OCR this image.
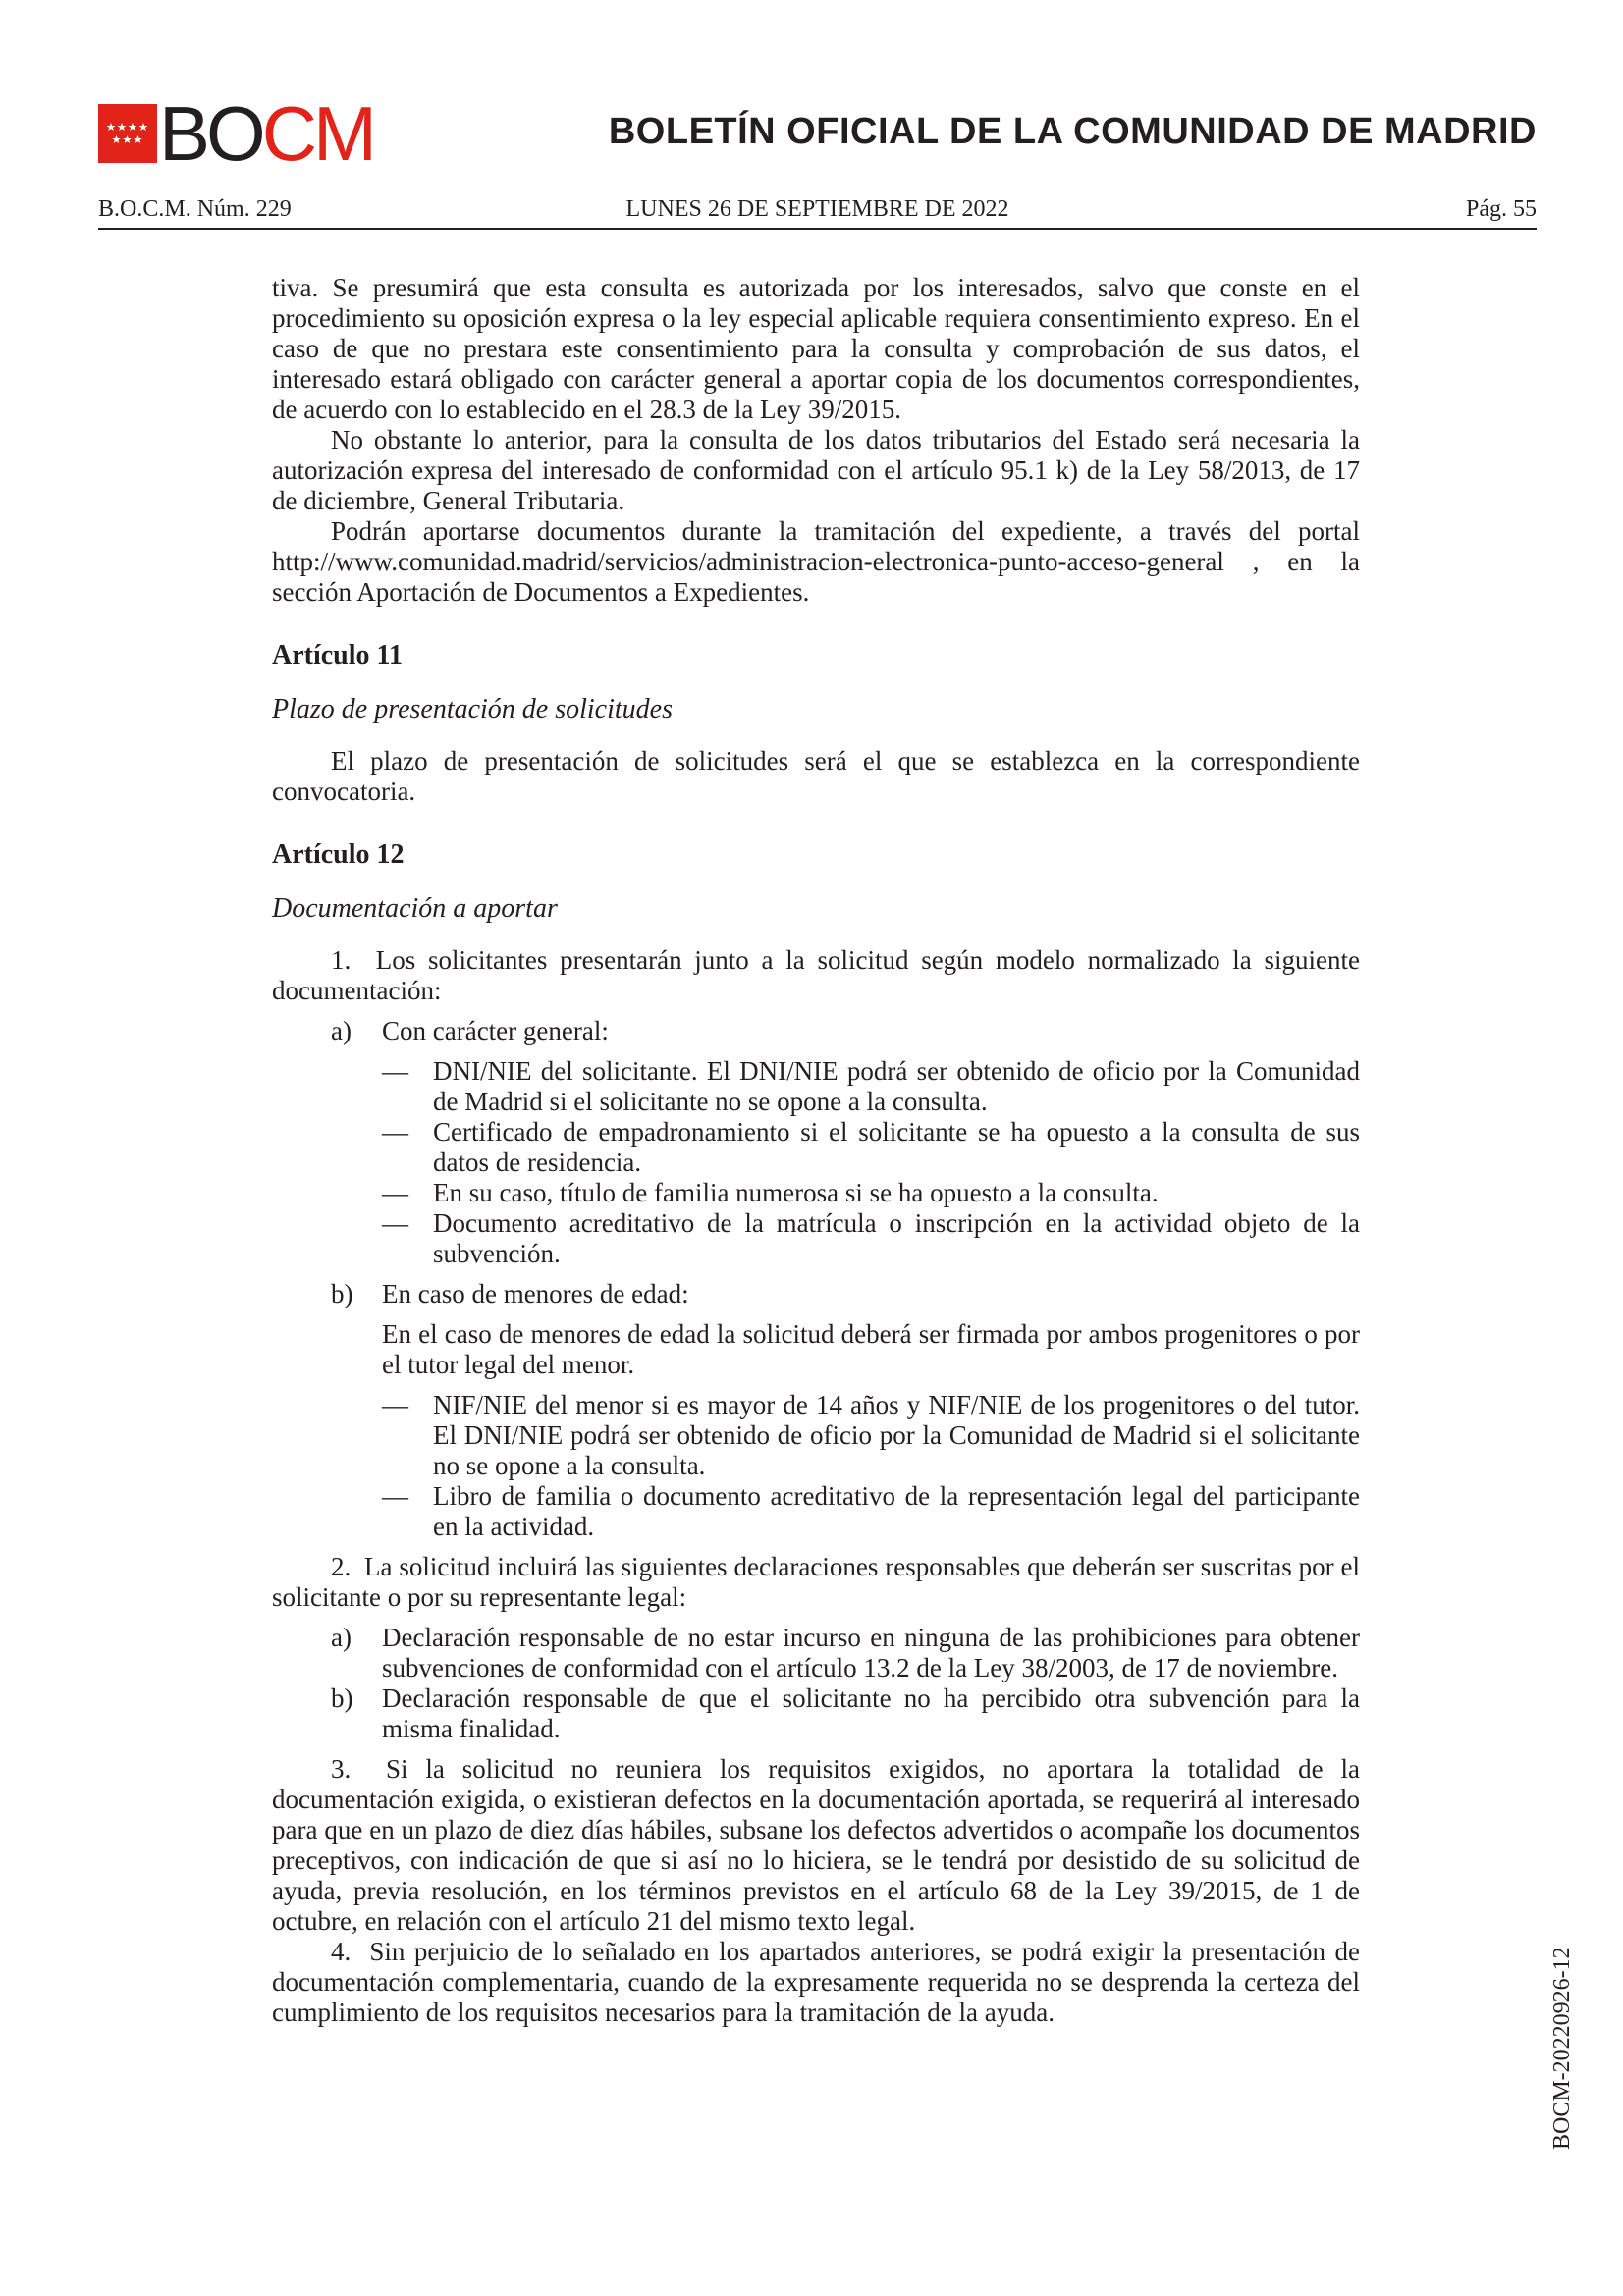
BOCM	BOLETÍN OFICIAL DE LA COMUNIDAD DE MADRID
B.O.C.M. Núm. 229	LUNES 26 DE SEPTIEMBRE DE 2022	Pág. 55

tiva. Se presumirá que esta consulta es autorizada por los interesados, salvo que conste en el procedimiento su oposición expresa o la ley especial aplicable requiera consentimiento expreso. En el caso de que no prestara este consentimiento para la consulta y comprobación de sus datos, el interesado estará obligado con carácter general a aportar copia de los documentos correspondientes, de acuerdo con lo establecido en el 28.3 de la Ley 39/2015.

No obstante lo anterior, para la consulta de los datos tributarios del Estado será necesaria la autorización expresa del interesado de conformidad con el artículo 95.1 k) de la Ley 58/2013, de 17 de diciembre, General Tributaria.

Podrán aportarse documentos durante la tramitación del expediente, a través del portal http://www.comunidad.madrid/servicios/administracion-electronica-punto-acceso-general , en la sección Aportación de Documentos a Expedientes.

Artículo 11

Plazo de presentación de solicitudes

El plazo de presentación de solicitudes será el que se establezca en la correspondiente convocatoria.

Artículo 12

Documentación a aportar

1. Los solicitantes presentarán junto a la solicitud según modelo normalizado la siguiente documentación:

a)	Con carácter general:
— DNI/NIE del solicitante. El DNI/NIE podrá ser obtenido de oficio por la Comunidad de Madrid si el solicitante no se opone a la consulta.
— Certificado de empadronamiento si el solicitante se ha opuesto a la consulta de sus datos de residencia.
— En su caso, título de familia numerosa si se ha opuesto a la consulta.
— Documento acreditativo de la matrícula o inscripción en la actividad objeto de la subvención.
b)	En caso de menores de edad:

En el caso de menores de edad la solicitud deberá ser firmada por ambos progenitores o por el tutor legal del menor.

— NIF/NIE del menor si es mayor de 14 años y NIF/NIE de los progenitores o del tutor. El DNI/NIE podrá ser obtenido de oficio por la Comunidad de Madrid si el solicitante no se opone a la consulta.
— Libro de familia o documento acreditativo de la representación legal del participante en la actividad.

2. La solicitud incluirá las siguientes declaraciones responsables que deberán ser suscritas por el solicitante o por su representante legal:

a)	Declaración responsable de no estar incurso en ninguna de las prohibiciones para obtener subvenciones de conformidad con el artículo 13.2 de la Ley 38/2003, de 17 de noviembre.
b)	Declaración responsable de que el solicitante no ha percibido otra subvención para la misma finalidad.

3. Si la solicitud no reuniera los requisitos exigidos, no aportara la totalidad de la documentación exigida, o existieran defectos en la documentación aportada, se requerirá al interesado para que en un plazo de diez días hábiles, subsane los defectos advertidos o acompañe los documentos preceptivos, con indicación de que si así no lo hiciera, se le tendrá por desistido de su solicitud de ayuda, previa resolución, en los términos previstos en el artículo 68 de la Ley 39/2015, de 1 de octubre, en relación con el artículo 21 del mismo texto legal.

4. Sin perjuicio de lo señalado en los apartados anteriores, se podrá exigir la presentación de documentación complementaria, cuando de la expresamente requerida no se desprenda la certeza del cumplimiento de los requisitos necesarios para la tramitación de la ayuda.	BOCM-20220926-12
